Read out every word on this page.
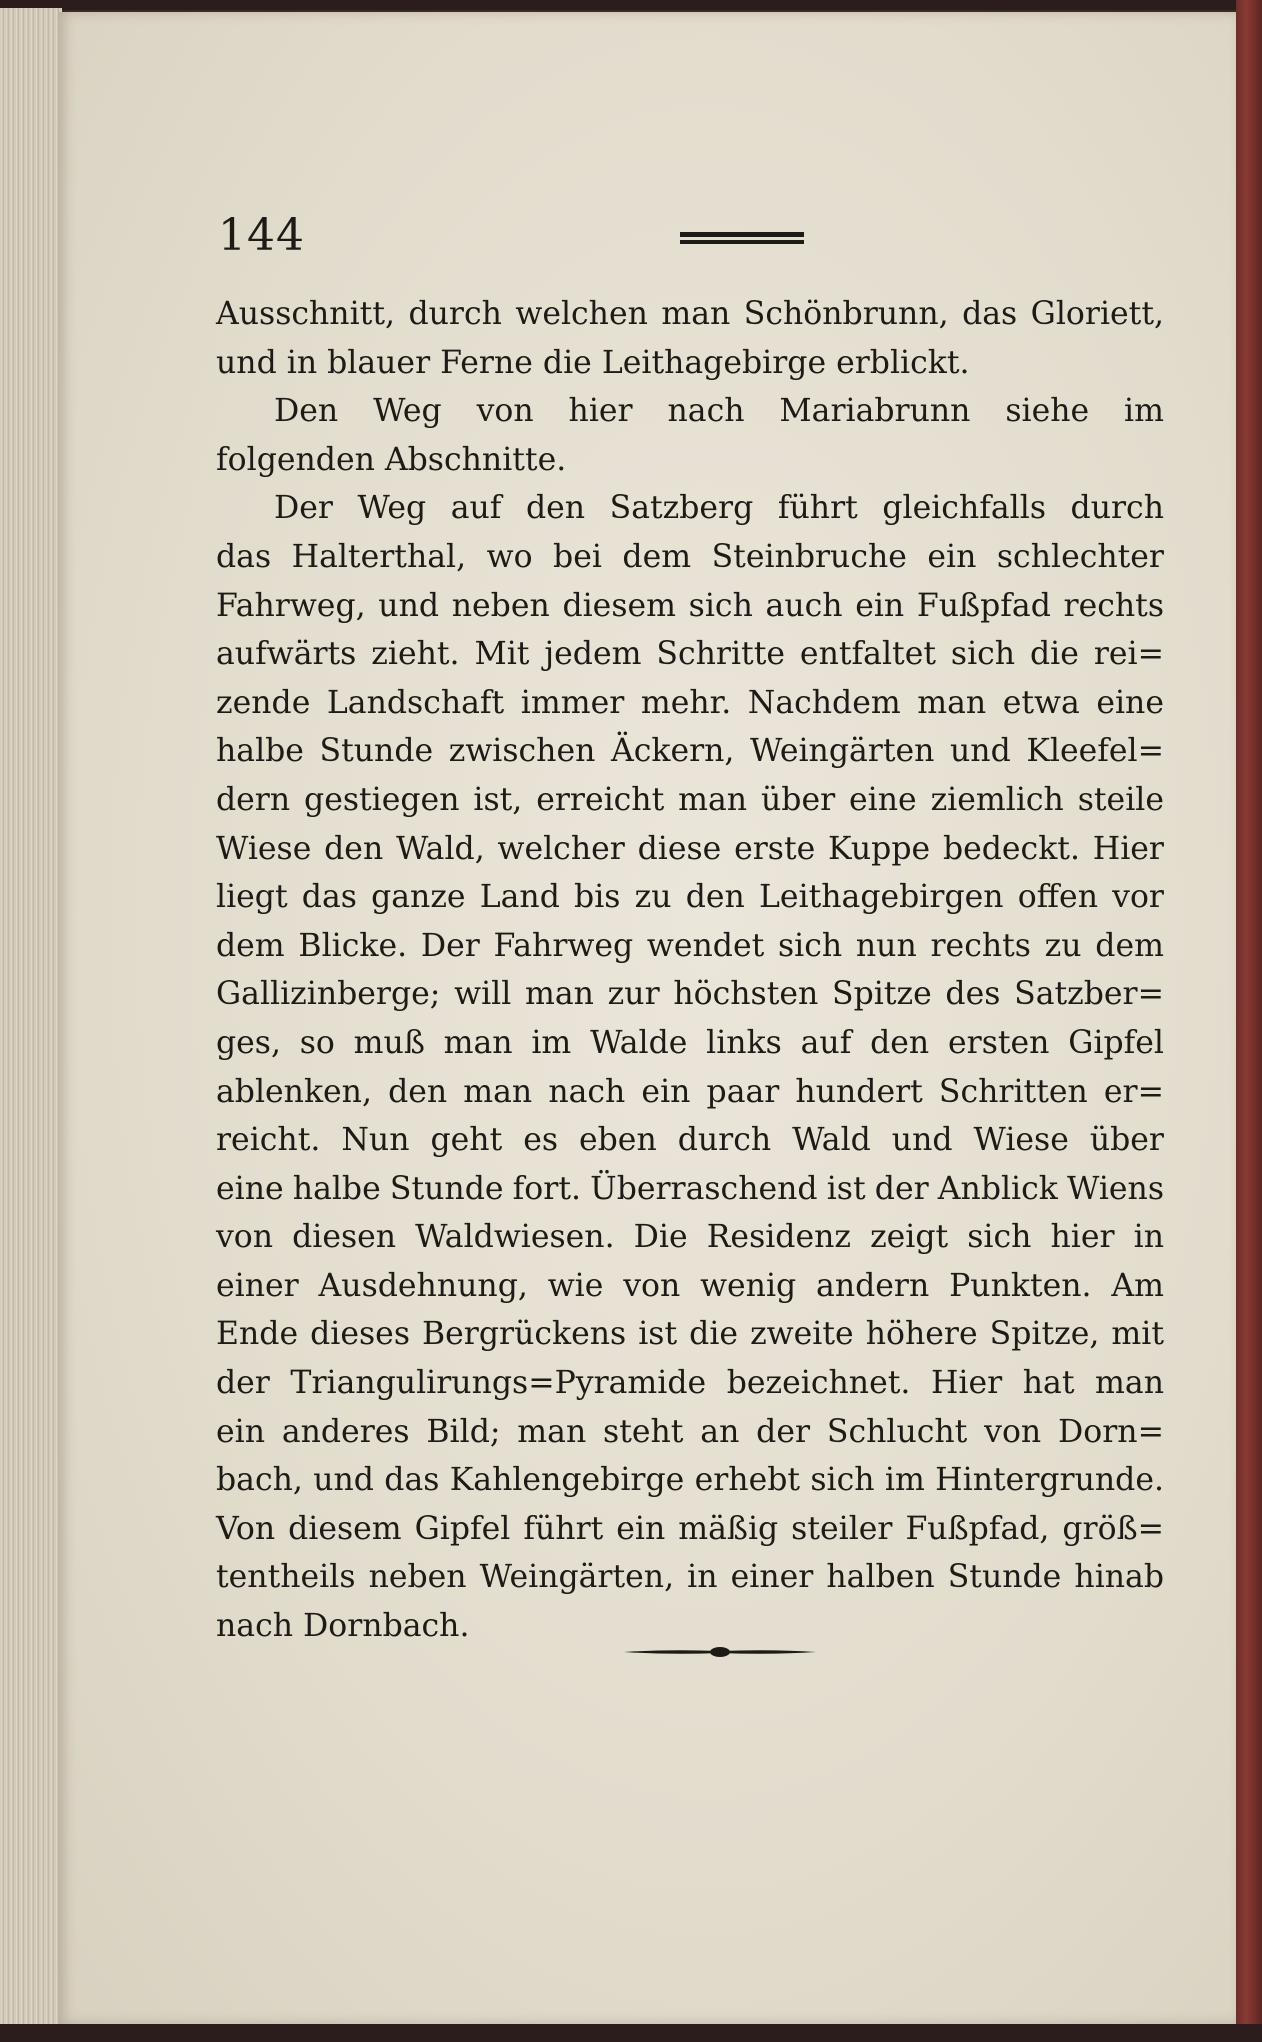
144
Ausschnitt, durch welchen man Schönbrunn, das Gloriett,
und in blauer Ferne die Leithagebirge erblickt.
Den Weg von hier nach Mariabrunn siehe im
folgenden Abschnitte.
Der Weg auf den Satzberg führt gleichfalls durch
das Halterthal, wo bei dem Steinbruche ein schlechter
Fahrweg, und neben diesem sich auch ein Fußpfad rechts
aufwärts zieht. Mit jedem Schritte entfaltet sich die rei=
zende Landschaft immer mehr. Nachdem man etwa eine
halbe Stunde zwischen Äckern, Weingärten und Kleefel=
dern gestiegen ist, erreicht man über eine ziemlich steile
Wiese den Wald, welcher diese erste Kuppe bedeckt. Hier
liegt das ganze Land bis zu den Leithagebirgen offen vor
dem Blicke. Der Fahrweg wendet sich nun rechts zu dem
Gallizinberge; will man zur höchsten Spitze des Satzber=
ges, so muß man im Walde links auf den ersten Gipfel
ablenken, den man nach ein paar hundert Schritten er=
reicht. Nun geht es eben durch Wald und Wiese über
eine halbe Stunde fort. Überraschend ist der Anblick Wiens
von diesen Waldwiesen. Die Residenz zeigt sich hier in
einer Ausdehnung, wie von wenig andern Punkten. Am
Ende dieses Bergrückens ist die zweite höhere Spitze, mit
der Triangulirungs=Pyramide bezeichnet. Hier hat man
ein anderes Bild; man steht an der Schlucht von Dorn=
bach, und das Kahlengebirge erhebt sich im Hintergrunde.
Von diesem Gipfel führt ein mäßig steiler Fußpfad, größ=
tentheils neben Weingärten, in einer halben Stunde hinab
nach Dornbach.
